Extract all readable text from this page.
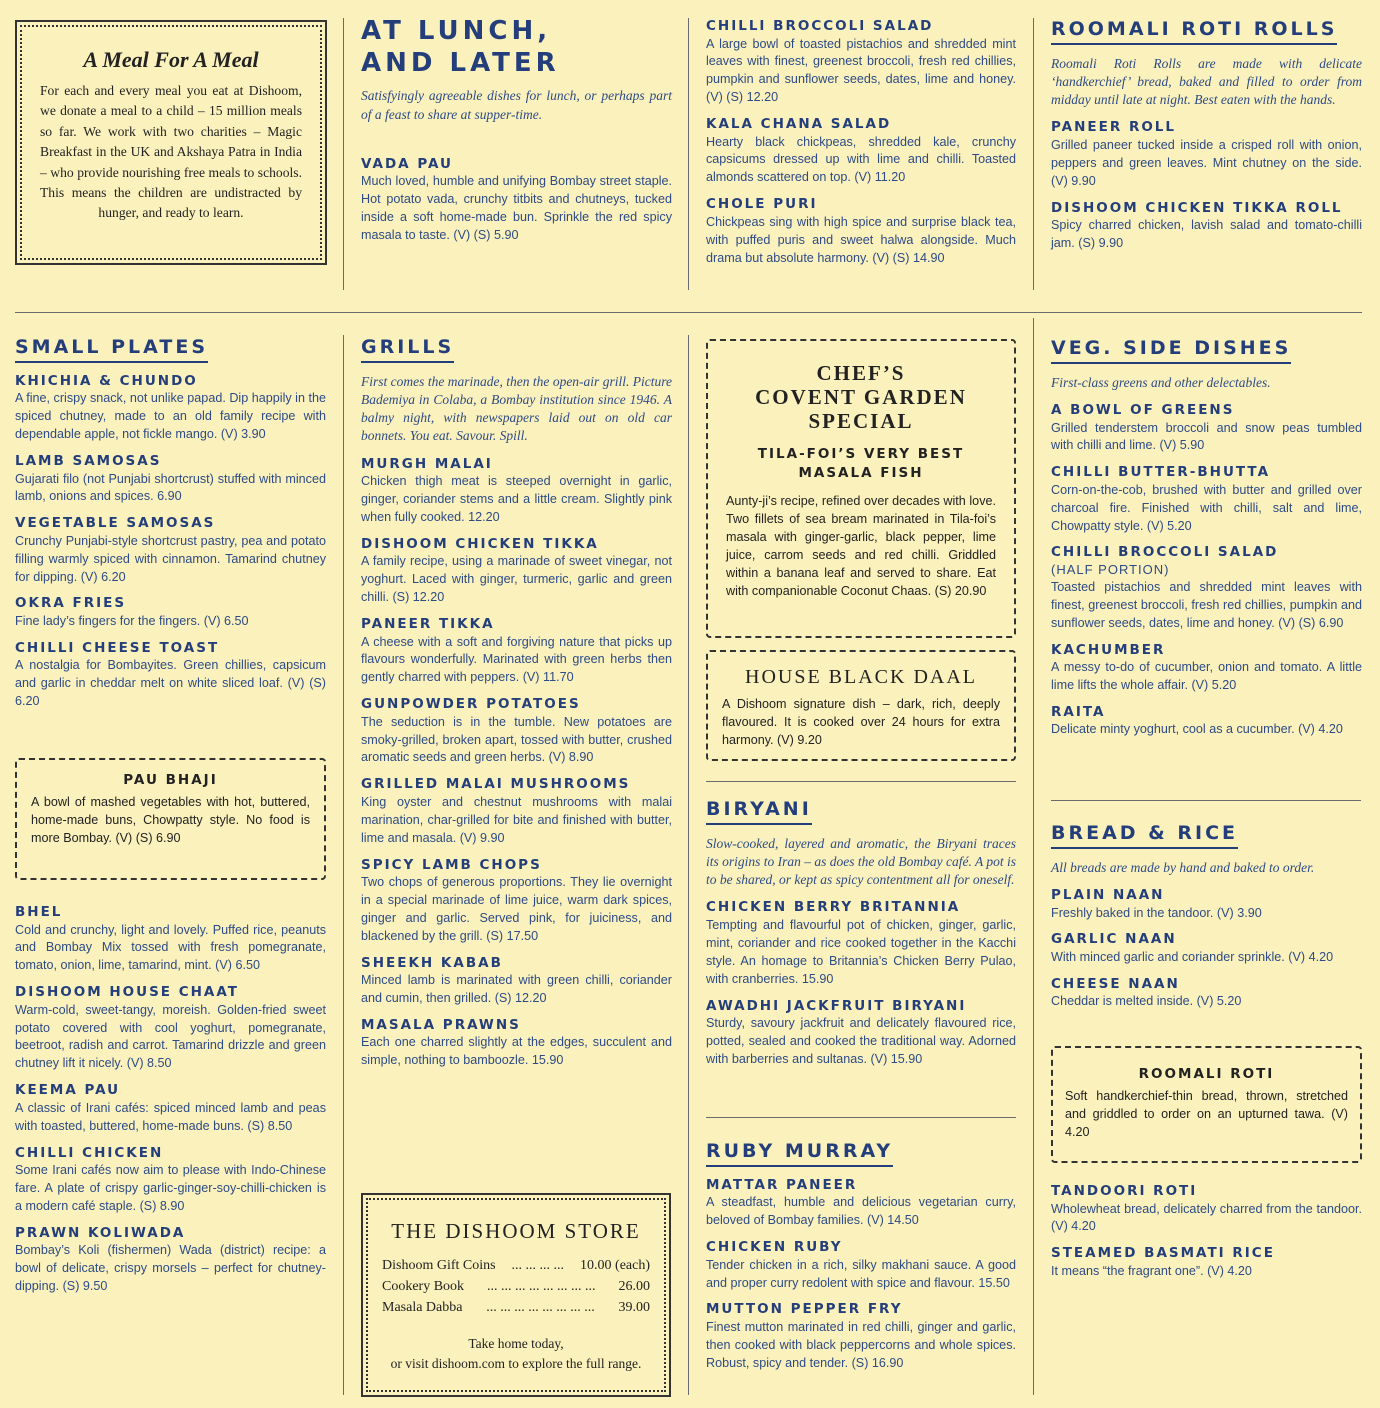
A Meal For A Meal
For each and every meal you eat at Dishoom, we donate a meal to a child – 15 million meals so far. We work with two charities – Magic Breakfast in the UK and Akshaya Patra in India – who provide nourishing free meals to schools. This means the children are undistracted by hunger, and ready to learn.
AT LUNCH,
AND LATER
Satisfyingly agreeable dishes for lunch, or perhaps part of a feast to share at supper-time.
VADA PAU
Much loved, humble and unifying Bombay street staple. Hot potato vada, crunchy titbits and chutneys, tucked inside a soft home-made bun. Sprinkle the red spicy masala to taste. (V) (S) 5.90
CHILLI BROCCOLI SALAD
A large bowl of toasted pistachios and shredded mint leaves with finest, greenest broccoli, fresh red chillies, pumpkin and sunflower seeds, dates, lime and honey. (V) (S) 12.20
KALA CHANA SALAD
Hearty black chickpeas, shredded kale, crunchy capsicums dressed up with lime and chilli. Toasted almonds scattered on top. (V) 11.20
CHOLE PURI
Chickpeas sing with high spice and surprise black tea, with puffed puris and sweet halwa alongside. Much drama but absolute harmony. (V) (S) 14.90
ROOMALI ROTI ROLLS
Roomali Roti Rolls are made with delicate ‘handkerchief’ bread, baked and filled to order from midday until late at night. Best eaten with the hands.
PANEER ROLL
Grilled paneer tucked inside a crisped roll with onion, peppers and green leaves. Mint chutney on the side. (V) 9.90
DISHOOM CHICKEN TIKKA ROLL
Spicy charred chicken, lavish salad and tomato-chilli jam. (S) 9.90
SMALL PLATES
KHICHIA & CHUNDO
A fine, crispy snack, not unlike papad. Dip happily in the spiced chutney, made to an old family recipe with dependable apple, not fickle mango. (V) 3.90
LAMB SAMOSAS
Gujarati filo (not Punjabi shortcrust) stuffed with minced lamb, onions and spices. 6.90
VEGETABLE SAMOSAS
Crunchy Punjabi-style shortcrust pastry, pea and potato filling warmly spiced with cinnamon. Tamarind chutney for dipping. (V) 6.20
OKRA FRIES
Fine lady’s fingers for the fingers. (V) 6.50
CHILLI CHEESE TOAST
A nostalgia for Bombayites. Green chillies, capsicum and garlic in cheddar melt on white sliced loaf. (V) (S) 6.20
PAU BHAJI
A bowl of mashed vegetables with hot, buttered, home-made buns, Chowpatty style. No food is more Bombay. (V) (S) 6.90
BHEL
Cold and crunchy, light and lovely. Puffed rice, peanuts and Bombay Mix tossed with fresh pomegranate, tomato, onion, lime, tamarind, mint. (V) 6.50
DISHOOM HOUSE CHAAT
Warm-cold, sweet-tangy, moreish. Golden-fried sweet potato covered with cool yoghurt, pomegranate, beetroot, radish and carrot. Tamarind drizzle and green chutney lift it nicely. (V) 8.50
KEEMA PAU
A classic of Irani cafés: spiced minced lamb and peas with toasted, buttered, home-made buns. (S) 8.50
CHILLI CHICKEN
Some Irani cafés now aim to please with Indo-Chinese fare. A plate of crispy garlic-ginger-soy-chilli-chicken is a modern café staple. (S) 8.90
PRAWN KOLIWADA
Bombay’s Koli (fishermen) Wada (district) recipe: a bowl of delicate, crispy morsels – perfect for chutney-dipping. (S) 9.50
GRILLS
First comes the marinade, then the open-air grill. Picture Bademiya in Colaba, a Bombay institution since 1946. A balmy night, with newspapers laid out on old car bonnets. You eat. Savour. Spill.
MURGH MALAI
Chicken thigh meat is steeped overnight in garlic, ginger, coriander stems and a little cream. Slightly pink when fully cooked. 12.20
DISHOOM CHICKEN TIKKA
A family recipe, using a marinade of sweet vinegar, not yoghurt. Laced with ginger, turmeric, garlic and green chilli. (S) 12.20
PANEER TIKKA
A cheese with a soft and forgiving nature that picks up flavours wonderfully. Marinated with green herbs then gently charred with peppers. (V) 11.70
GUNPOWDER POTATOES
The seduction is in the tumble. New potatoes are smoky-grilled, broken apart, tossed with butter, crushed aromatic seeds and green herbs. (V) 8.90
GRILLED MALAI MUSHROOMS
King oyster and chestnut mushrooms with malai marination, char-grilled for bite and finished with butter, lime and masala. (V) 9.90
SPICY LAMB CHOPS
Two chops of generous proportions. They lie overnight in a special marinade of lime juice, warm dark spices, ginger and garlic. Served pink, for juiciness, and blackened by the grill. (S) 17.50
SHEEKH KABAB
Minced lamb is marinated with green chilli, coriander and cumin, then grilled. (S) 12.20
MASALA PRAWNS
Each one charred slightly at the edges, succulent and simple, nothing to bamboozle. 15.90
THE DISHOOM STORE
Dishoom Gift Coins	... ... ... ...	10.00 (each)
Cookery Book	... ... ... ... ... ... ... ...	26.00
Masala Dabba	... ... ... ... ... ... ... ...	39.00
Take home today,
or visit dishoom.com to explore the full range.
CHEF’S
COVENT GARDEN
SPECIAL
TILA-FOI’S VERY BEST
MASALA FISH
Aunty-ji’s recipe, refined over decades with love. Two fillets of sea bream marinated in Tila-foi’s masala with ginger-garlic, black pepper, lime juice, carrom seeds and red chilli. Griddled within a banana leaf and served to share. Eat with companionable Coconut Chaas. (S) 20.90
HOUSE BLACK DAAL
A Dishoom signature dish – dark, rich, deeply flavoured. It is cooked over 24 hours for extra harmony. (V) 9.20
BIRYANI
Slow-cooked, layered and aromatic, the Biryani traces its origins to Iran – as does the old Bombay café. A pot is to be shared, or kept as spicy contentment all for oneself.
CHICKEN BERRY BRITANNIA
Tempting and flavourful pot of chicken, ginger, garlic, mint, coriander and rice cooked together in the Kacchi style. An homage to Britannia’s Chicken Berry Pulao, with cranberries. 15.90
AWADHI JACKFRUIT BIRYANI
Sturdy, savoury jackfruit and delicately flavoured rice, potted, sealed and cooked the traditional way. Adorned with barberries and sultanas. (V) 15.90
RUBY MURRAY
MATTAR PANEER
A steadfast, humble and delicious vegetarian curry, beloved of Bombay families. (V) 14.50
CHICKEN RUBY
Tender chicken in a rich, silky makhani sauce. A good and proper curry redolent with spice and flavour. 15.50
MUTTON PEPPER FRY
Finest mutton marinated in red chilli, ginger and garlic, then cooked with black peppercorns and whole spices. Robust, spicy and tender. (S) 16.90
VEG. SIDE DISHES
First-class greens and other delectables.
A BOWL OF GREENS
Grilled tenderstem broccoli and snow peas tumbled with chilli and lime. (V) 5.90
CHILLI BUTTER-BHUTTA
Corn-on-the-cob, brushed with butter and grilled over charcoal fire. Finished with chilli, salt and lime, Chowpatty style. (V) 5.20
CHILLI BROCCOLI SALAD
(HALF PORTION)
Toasted pistachios and shredded mint leaves with finest, greenest broccoli, fresh red chillies, pumpkin and sunflower seeds, dates, lime and honey. (V) (S) 6.90
KACHUMBER
A messy to-do of cucumber, onion and tomato. A little lime lifts the whole affair. (V) 5.20
RAITA
Delicate minty yoghurt, cool as a cucumber. (V) 4.20
BREAD & RICE
All breads are made by hand and baked to order.
PLAIN NAAN
Freshly baked in the tandoor. (V) 3.90
GARLIC NAAN
With minced garlic and coriander sprinkle. (V) 4.20
CHEESE NAAN
Cheddar is melted inside. (V) 5.20
ROOMALI ROTI
Soft handkerchief-thin bread, thrown, stretched and griddled to order on an upturned tawa. (V) 4.20
TANDOORI ROTI
Wholewheat bread, delicately charred from the tandoor. (V) 4.20
STEAMED BASMATI RICE
It means “the fragrant one”. (V) 4.20
